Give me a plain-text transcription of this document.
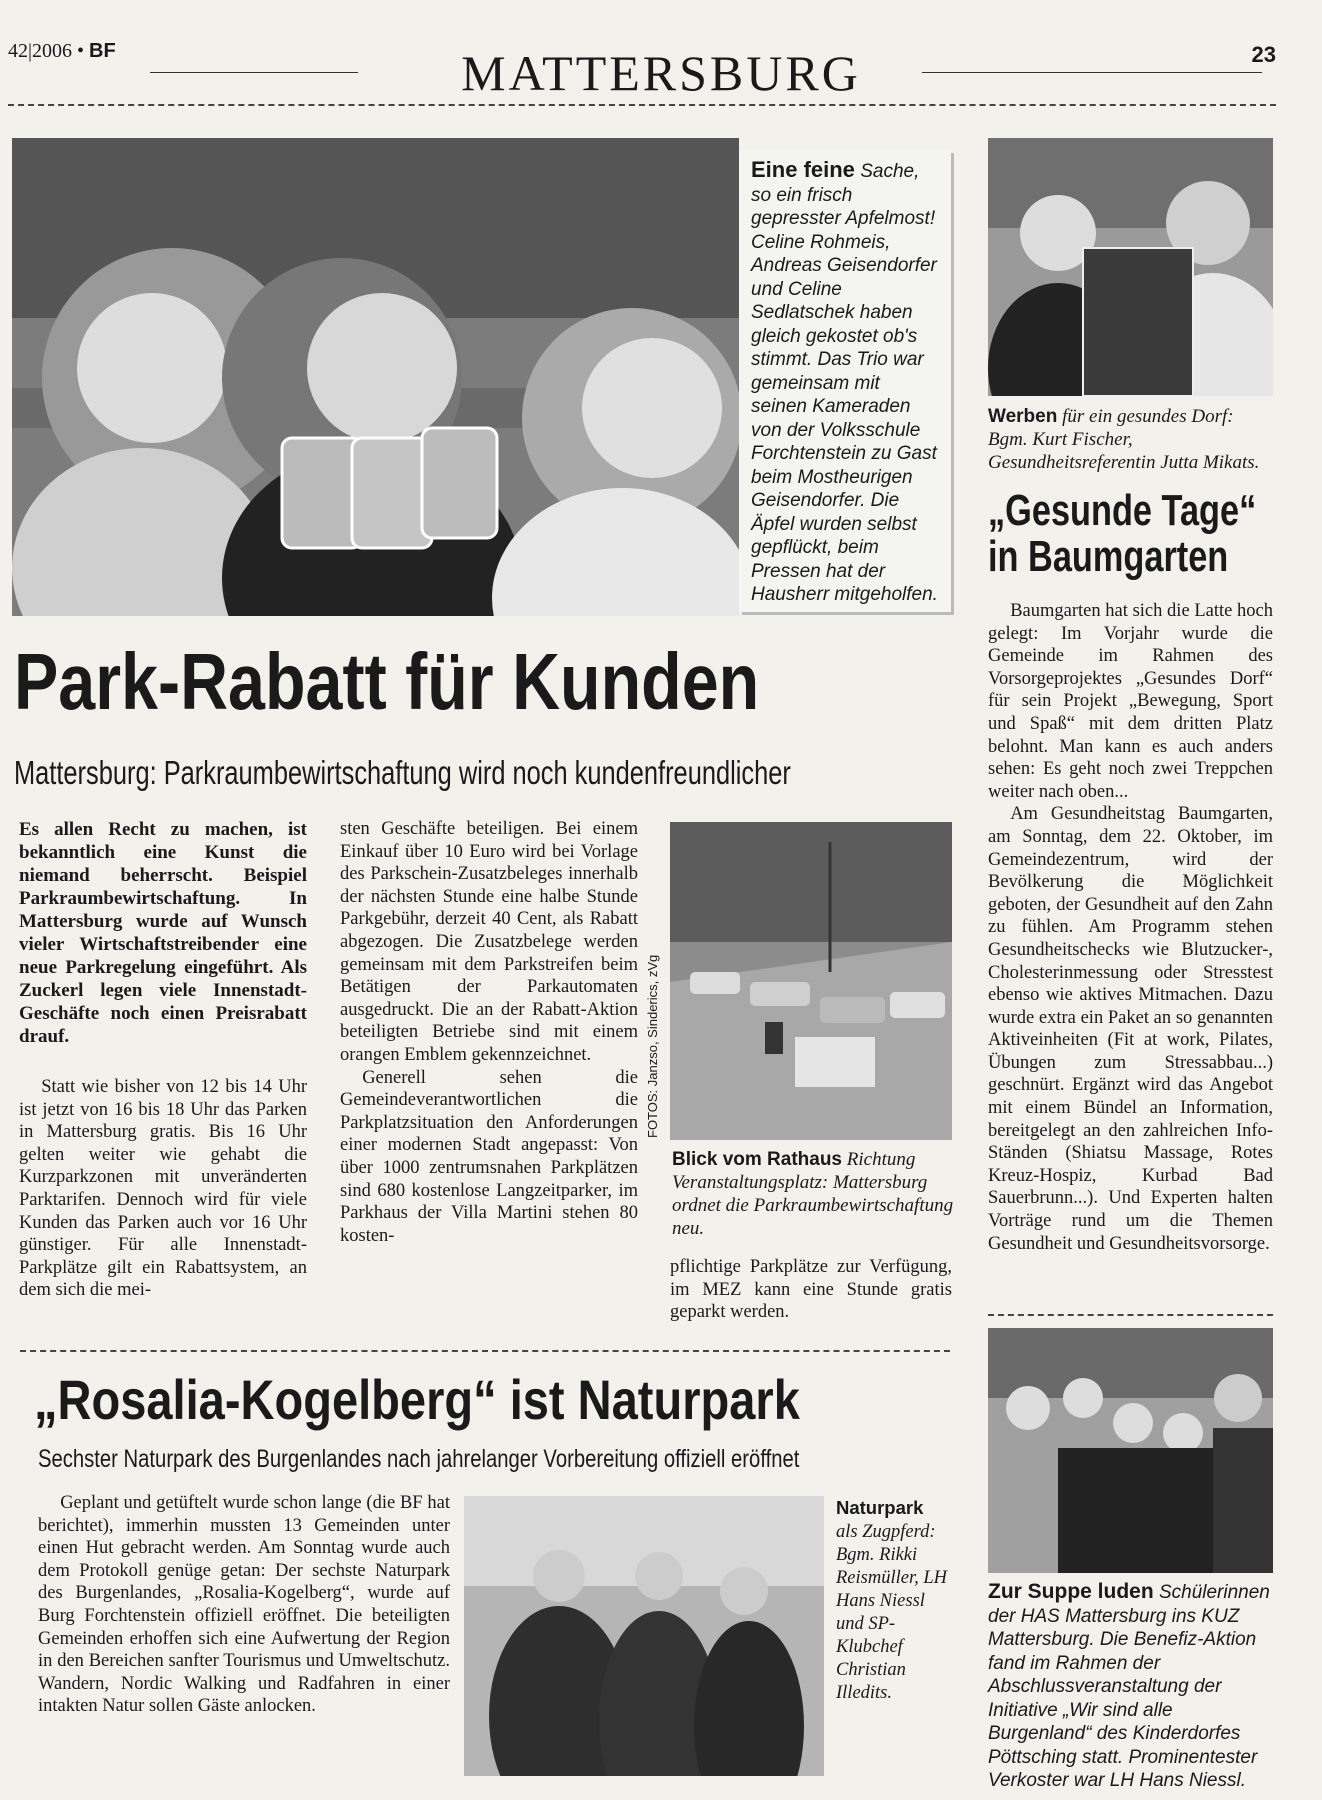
42|2006 • BF	MATTERSBURG	23
Eine feine Sache, so ein frisch gepresster Apfelmost! Celine Rohmeis, Andreas Geisendorfer und Celine Sedlatschek haben gleich gekostet ob's stimmt. Das Trio war gemeinsam mit seinen Kameraden von der Volksschule Forchtenstein zu Gast beim Mostheurigen Geisendorfer. Die Äpfel wurden selbst gepflückt, beim Pressen hat der Hausherr mitgeholfen.
Werben für ein gesundes Dorf: Bgm. Kurt Fischer, Gesundheitsreferentin Jutta Mikats.
„Gesunde Tage“
in Baumgarten

Baumgarten hat sich die Latte hoch gelegt: Im Vorjahr wurde die Gemeinde im Rahmen des Vorsorgeprojektes „Gesundes Dorf“ für sein Projekt „Bewegung, Sport und Spaß“ mit dem dritten Platz belohnt. Man kann es auch anders sehen: Es geht noch zwei Treppchen weiter nach oben...

Am Gesundheitstag Baumgarten, am Sonntag, dem 22. Oktober, im Gemeindezentrum, wird der Bevölkerung die Möglichkeit geboten, der Gesundheit auf den Zahn zu fühlen. Am Programm stehen Gesundheitschecks wie Blutzucker-, Cholesterinmessung oder Stresstest ebenso wie aktives Mitmachen. Dazu wurde extra ein Paket an so genannten Aktiveinheiten (Fit at work, Pilates, Übungen zum Stressabbau...) geschnürt. Ergänzt wird das Angebot mit einem Bündel an Information, bereitgelegt an den zahlreichen Info-Ständen (Shiatsu Massage, Rotes Kreuz-Hospiz, Kurbad Bad Sauerbrunn...). Und Experten halten Vorträge rund um die Themen Gesundheit und Gesundheitsvorsorge.

Park-Rabatt für Kunden
Mattersburg: Parkraumbewirtschaftung wird noch kundenfreundlicher
Es allen Recht zu machen, ist bekanntlich eine Kunst die niemand beherrscht. Beispiel Parkraumbewirtschaftung. In Mattersburg wurde auf Wunsch vieler Wirtschaftstreibender eine neue Parkregelung eingeführt. Als Zuckerl legen viele Innenstadt-Geschäfte noch einen Preisrabatt drauf.

Statt wie bisher von 12 bis 14 Uhr ist jetzt von 16 bis 18 Uhr das Parken in Mattersburg gratis. Bis 16 Uhr gelten weiter wie gehabt die Kurzparkzonen mit unveränderten Parktarifen. Dennoch wird für viele Kunden das Parken auch vor 16 Uhr günstiger. Für alle Innenstadt-Parkplätze gilt ein Rabattsystem, an dem sich die mei-

sten Geschäfte beteiligen. Bei einem Einkauf über 10 Euro wird bei Vorlage des Parkschein-Zusatzbeleges innerhalb der nächsten Stunde eine halbe Stunde Parkgebühr, derzeit 40 Cent, als Rabatt abgezogen. Die Zusatzbelege werden gemeinsam mit dem Parkstreifen beim Betätigen der Parkautomaten ausgedruckt. Die an der Rabatt-Aktion beteiligten Betriebe sind mit einem orangen Emblem gekennzeichnet.

Generell sehen die Gemeindeverantwortlichen die Parkplatzsituation den Anforderungen einer modernen Stadt angepasst: Von über 1000 zentrumsnahen Parkplätzen sind 680 kostenlose Langzeitparker, im Parkhaus der Villa Martini stehen 80 kosten-

FOTOS: Janzso, Sinderics, zVg
Blick vom Rathaus Richtung Veranstaltungsplatz: Mattersburg ordnet die Parkraumbewirtschaftung neu.

pflichtige Parkplätze zur Verfügung, im MEZ kann eine Stunde gratis geparkt werden.

„Rosalia-Kogelberg“ ist Naturpark
Sechster Naturpark des Burgenlandes nach jahrelanger Vorbereitung offiziell eröffnet

Geplant und getüftelt wurde schon lange (die BF hat berichtet), immerhin mussten 13 Gemeinden unter einen Hut gebracht werden. Am Sonntag wurde auch dem Protokoll genüge getan: Der sechste Naturpark des Burgenlandes, „Rosalia-Kogelberg“, wurde auf Burg Forchtenstein offiziell eröffnet. Die beteiligten Gemeinden erhoffen sich eine Aufwertung der Region in den Bereichen sanfter Tourismus und Umweltschutz. Wandern, Nordic Walking und Radfahren in einer intakten Natur sollen Gäste anlocken.

Naturpark
als Zugpferd: Bgm. Rikki Reismüller, LH Hans Niessl und SP-Klubchef Christian Illedits.
Zur Suppe luden Schülerinnen der HAS Mattersburg ins KUZ Mattersburg. Die Benefiz-Aktion fand im Rahmen der Abschlussveranstaltung der Initiative „Wir sind alle Burgenland“ des Kinderdorfes Pöttsching statt. Prominentester Verkoster war LH Hans Niessl.
